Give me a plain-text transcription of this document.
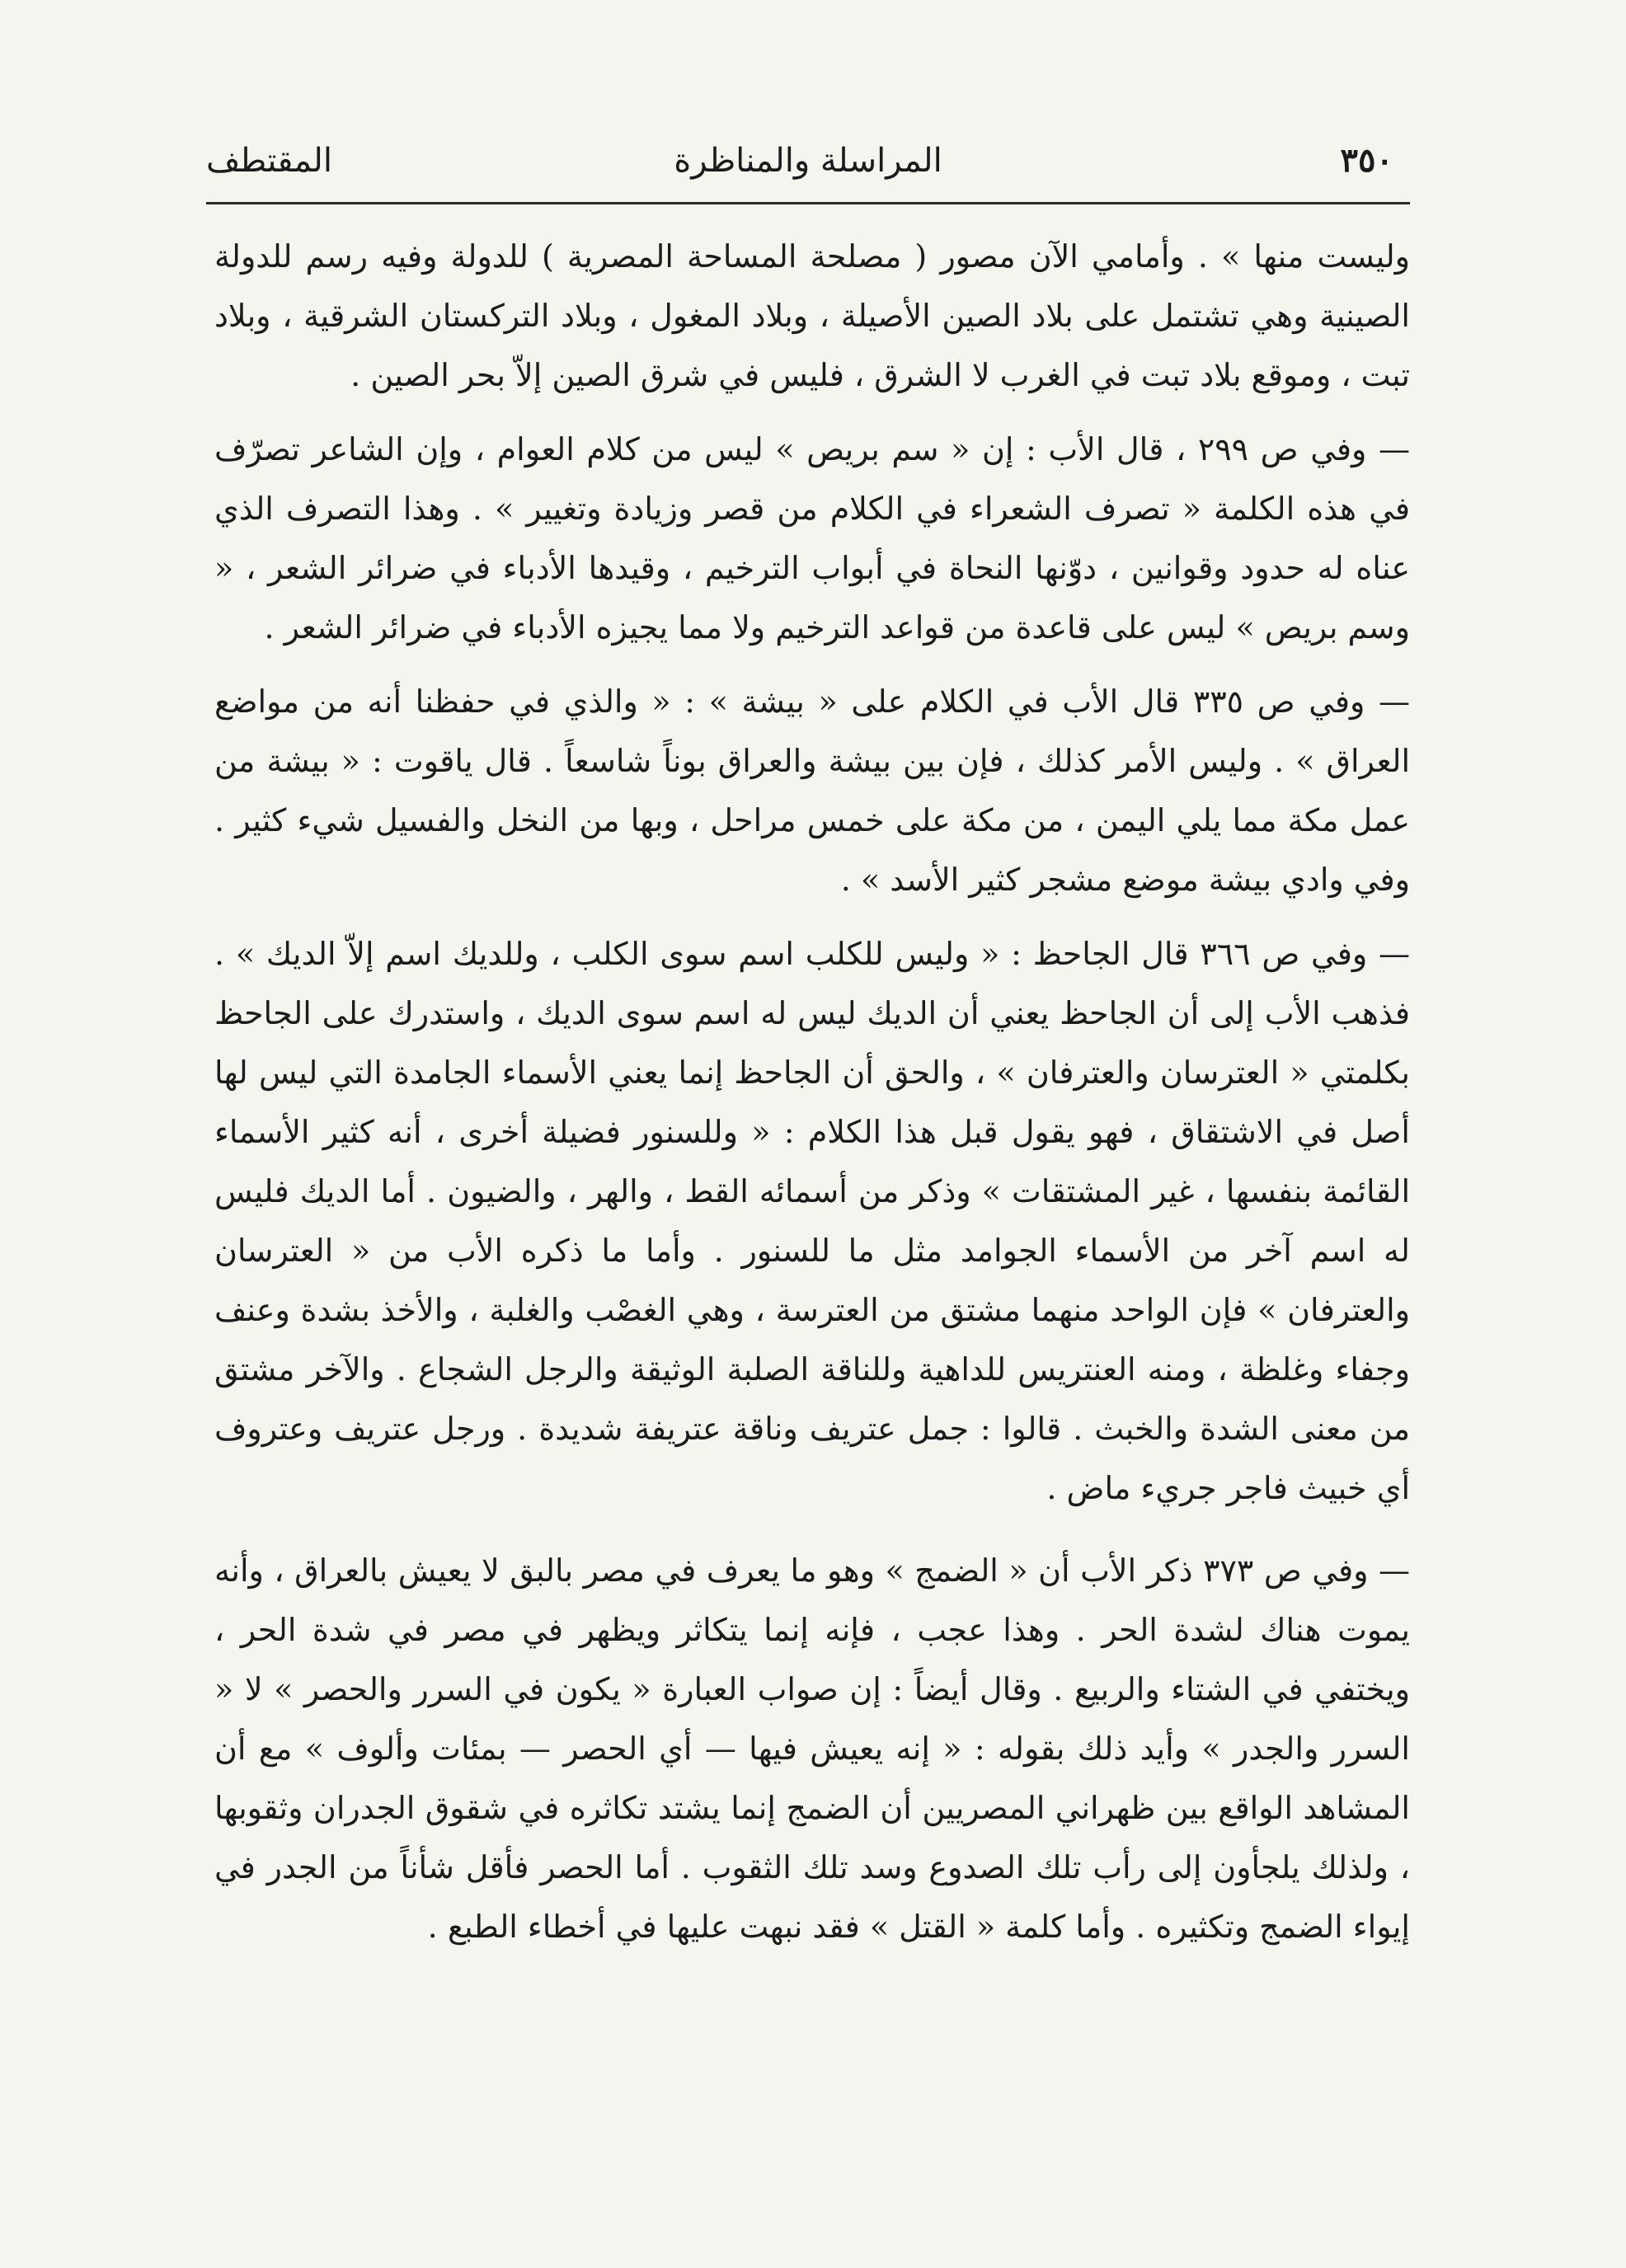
٣٥٠
المراسلة والمناظرة
المقتطف

وليست منها » . وأمامي الآن مصور ( مصلحة المساحة المصرية ) للدولة وفيه رسم للدولة الصينية وهي تشتمل على بلاد الصين الأصيلة ، وبلاد المغول ، وبلاد التركستان الشرقية ، وبلاد تبت ، وموقع بلاد تبت في الغرب لا الشرق ، فليس في شرق الصين إلاّ بحر الصين .

— وفي ص ٢٩٩ ، قال الأب : إن « سم بريص » ليس من كلام العوام ، وإن الشاعر تصرّف في هذه الكلمة « تصرف الشعراء في الكلام من قصر وزيادة وتغيير » . وهذا التصرف الذي عناه له حدود وقوانين ، دوّنها النحاة في أبواب الترخيم ، وقيدها الأدباء في ضرائر الشعر ، « وسم بريص » ليس على قاعدة من قواعد الترخيم ولا مما يجيزه الأدباء في ضرائر الشعر .

— وفي ص ٣٣٥ قال الأب في الكلام على « بيشة » : « والذي في حفظنا أنه من مواضع العراق » . وليس الأمر كذلك ، فإن بين بيشة والعراق بوناً شاسعاً . قال ياقوت : « بيشة من عمل مكة مما يلي اليمن ، من مكة على خمس مراحل ، وبها من النخل والفسيل شيء كثير . وفي وادي بيشة موضع مشجر كثير الأسد » .

— وفي ص ٣٦٦ قال الجاحظ : « وليس للكلب اسم سوى الكلب ، وللديك اسم إلاّ الديك » . فذهب الأب إلى أن الجاحظ يعني أن الديك ليس له اسم سوى الديك ، واستدرك على الجاحظ بكلمتي « العترسان والعترفان » ، والحق أن الجاحظ إنما يعني الأسماء الجامدة التي ليس لها أصل في الاشتقاق ، فهو يقول قبل هذا الكلام : « وللسنور فضيلة أخرى ، أنه كثير الأسماء القائمة بنفسها ، غير المشتقات » وذكر من أسمائه القط ، والهر ، والضيون . أما الديك فليس له اسم آخر من الأسماء الجوامد مثل ما للسنور . وأما ما ذكره الأب من « العترسان والعترفان » فإن الواحد منهما مشتق من العترسة ، وهي الغصْب والغلبة ، والأخذ بشدة وعنف وجفاء وغلظة ، ومنه العنتريس للداهية وللناقة الصلبة الوثيقة والرجل الشجاع . والآخر مشتق من معنى الشدة والخبث . قالوا : جمل عتريف وناقة عتريفة شديدة . ورجل عتريف وعتروف أي خبيث فاجر جريء ماض .

— وفي ص ٣٧٣ ذكر الأب أن « الضمج » وهو ما يعرف في مصر بالبق لا يعيش بالعراق ، وأنه يموت هناك لشدة الحر . وهذا عجب ، فإنه إنما يتكاثر ويظهر في مصر في شدة الحر ، ويختفي في الشتاء والربيع . وقال أيضاً : إن صواب العبارة « يكون في السرر والحصر » لا « السرر والجدر » وأيد ذلك بقوله : « إنه يعيش فيها — أي الحصر — بمئات وألوف » مع أن المشاهد الواقع بين ظهراني المصريين أن الضمج إنما يشتد تكاثره في شقوق الجدران وثقوبها ، ولذلك يلجأون إلى رأب تلك الصدوع وسد تلك الثقوب . أما الحصر فأقل شأناً من الجدر في إيواء الضمج وتكثيره . وأما كلمة « القتل » فقد نبهت عليها في أخطاء الطبع .
